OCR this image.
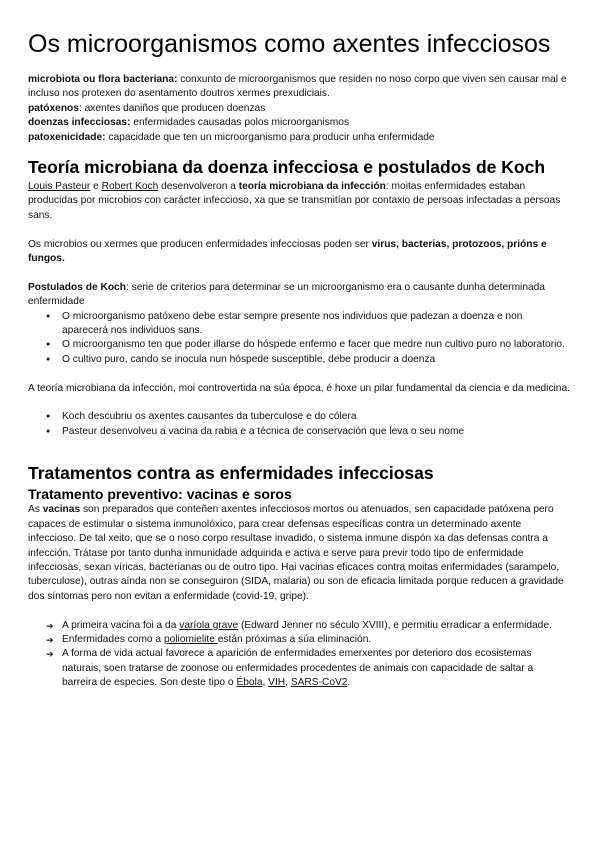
Os microorganismos como axentes infecciosos

microbiota ou flora bacteriana: conxunto de microorganismos que residen no noso corpo que viven sen causar mal e incluso nos protexen do asentamento doutros xermes prexudiciais.

patóxenos: axentes daniños que producen doenzas

doenzas infecciosas: enfermidades causadas polos microorganismos

patoxenicidade: capacidade que ten un microorganismo para producir unha enfermidade

Teoría microbiana da doenza infecciosa e postulados de Koch

Louis Pasteur e Robert Koch desenvolveron a teoría microbiana da infección: moitas enfermidades estaban producidas por microbios con carácter infeccioso, xa que se transmitían por contaxio de persoas infectadas a persoas sans.

Os microbios ou xermes que producen enfermidades infecciosas poden ser virus, bacterias, protozoos, prións e fungos.

Postulados de Koch: serie de criterios para determinar se un microorganismo era o causante dunha determinada enfermidade

● O microorganismo patóxeno debe estar sempre presente nos individuos que padezan a doenza e non aparecerá nos individuos sans.
● O microorganismo ten que poder illarse do hóspede enfermo e facer que medre nun cultivo puro no laboratorio.
● O cultivo puro, cando se inocula nun hóspede susceptible, debe producir a doenza

A teoría microbiana da infección, moi controvertida na súa época, é hoxe un pilar fundamental da ciencia e da medicina.

● Koch descubriu os axentes causantes da tuberculose e do cólera
● Pasteur desenvolveu a vacina da rabia e a técnica de conservación que leva o seu nome
Tratamentos contra as enfermidades infecciosas
Tratamento preventivo: vacinas e soros

As vacinas son preparados que conteñen axentes infecciosos mortos ou atenuados, sen capacidade patóxena pero capaces de estimular o sistema inmunolóxico, para crear defensas específicas contra un determinado axente infeccioso. De tal xeito, que se o noso corpo resultase invadido, o sistema inmune dispón xa das defensas contra a infección. Trátase por tanto dunha inmunidade adquirida e activa e serve para previr todo tipo de enfermidade infecciosas, sexan víricas, bacterianas ou de outro tipo. Hai vacinas eficaces contra moitas enfermidades (sarampelo, tuberculose), outras aínda non se conseguiron (SIDA, malaria) ou son de eficacia limitada porque reducen a gravidade dos síntomas pero non evitan a enfermidade (covid-19, gripe).

➔ A primeira vacina foi a da varíola grave (Edward Jenner no século XVIII), e permitiu erradicar a enfermidade.
➔ Enfermidades como a poliomielite están próximas a súa eliminación.
➔ A forma de vida actual favorece a aparición de enfermidades emerxentes por deterioro dos ecosistemas naturais, soen tratarse de zoonose ou enfermidades procedentes de animais con capacidade de saltar a barreira de especies. Son deste tipo o Ébola, VIH, SARS-CoV2.
